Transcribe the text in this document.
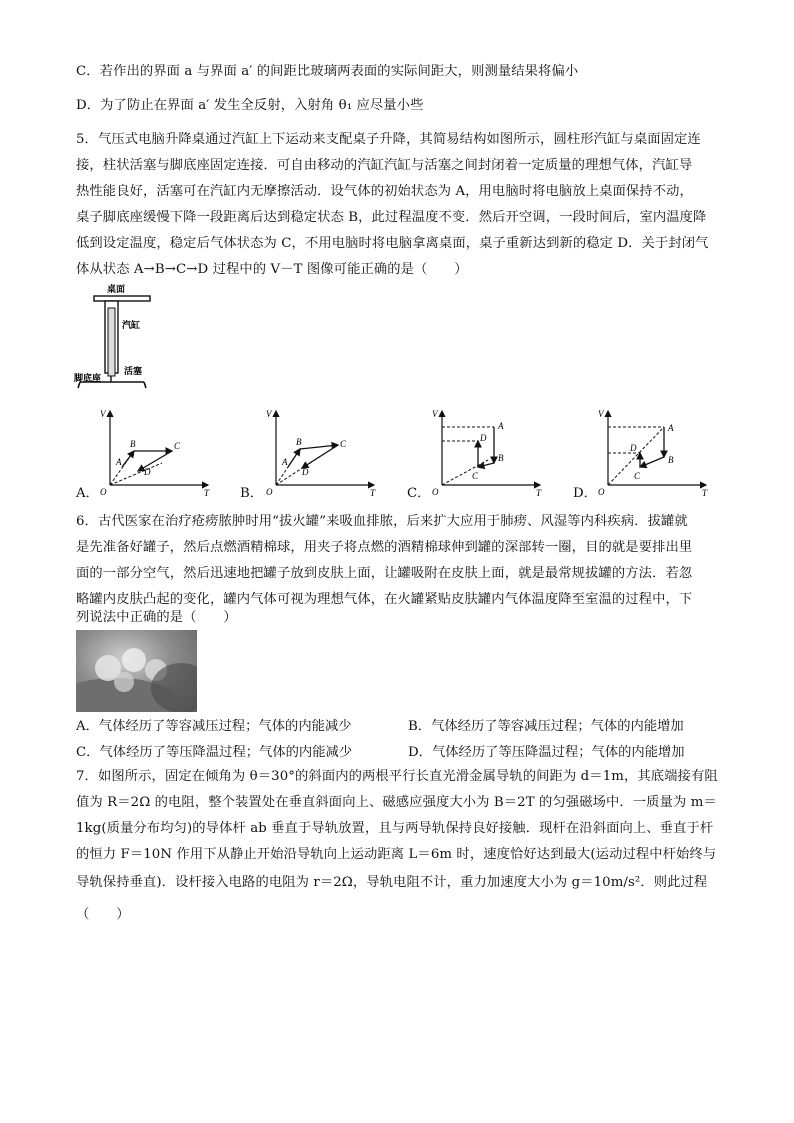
C．若作出的界面 a 与界面 a′ 的间距比玻璃两表面的实际间距大，则测量结果将偏小
D．为了防止在界面 a′ 发生全反射，入射角 θ₁ 应尽量小些
5．气压式电脑升降桌通过汽缸上下运动来支配桌子升降，其简易结构如图所示，圆柱形汽缸与桌面固定连
接，柱状活塞与脚底座固定连接．可自由移动的汽缸汽缸与活塞之间封闭着一定质量的理想气体，汽缸导
热性能良好，活塞可在汽缸内无摩擦活动．设气体的初始状态为 A，用电脑时将电脑放上桌面保持不动，
桌子脚底座缓慢下降一段距离后达到稳定状态 B，此过程温度不变．然后开空调，一段时间后，室内温度降
低到设定温度，稳定后气体状态为 C，不用电脑时将电脑拿离桌面，桌子重新达到新的稳定 D．关于封闭气
体从状态 A→B→C→D 过程中的 V－T 图像可能正确的是（　　）
桌面
汽缸
活塞
脚底座
A．	B．	C．	D．
V
T
O
A
B	C
D
V
T
O
A
B	C
D
V
T
O
A
B
C
D
V
T
O
A
B
C
D
6．古代医家在治疗疮痨脓肿时用“拔火罐”来吸血排脓，后来扩大应用于肺痨、风湿等内科疾病．拔罐就
是先准备好罐子，然后点燃酒精棉球，用夹子将点燃的酒精棉球伸到罐的深部转一圈，目的就是要排出里
面的一部分空气，然后迅速地把罐子放到皮肤上面，让罐吸附在皮肤上面，就是最常规拔罐的方法．若忽
略罐内皮肤凸起的变化，罐内气体可视为理想气体，在火罐紧贴皮肤罐内气体温度降至室温的过程中，下
列说法中正确的是（　　）
A．气体经历了等容减压过程；气体的内能减少	B．气体经历了等容减压过程；气体的内能增加
C．气体经历了等压降温过程；气体的内能减少	D．气体经历了等压降温过程；气体的内能增加
7．如图所示，固定在倾角为 θ＝30°的斜面内的两根平行长直光滑金属导轨的间距为 d＝1m，其底端接有阻
值为 R＝2Ω 的电阻，整个装置处在垂直斜面向上、磁感应强度大小为 B＝2T 的匀强磁场中．一质量为 m＝
1kg(质量分布均匀)的导体杆 ab 垂直于导轨放置，且与两导轨保持良好接触．现杆在沿斜面向上、垂直于杆
的恒力 F＝10N 作用下从静止开始沿导轨向上运动距离 L＝6m 时，速度恰好达到最大(运动过程中杆始终与
导轨保持垂直)．设杆接入电路的电阻为 r＝2Ω，导轨电阻不计，重力加速度大小为 g＝10m/s²．则此过程
（　　）
